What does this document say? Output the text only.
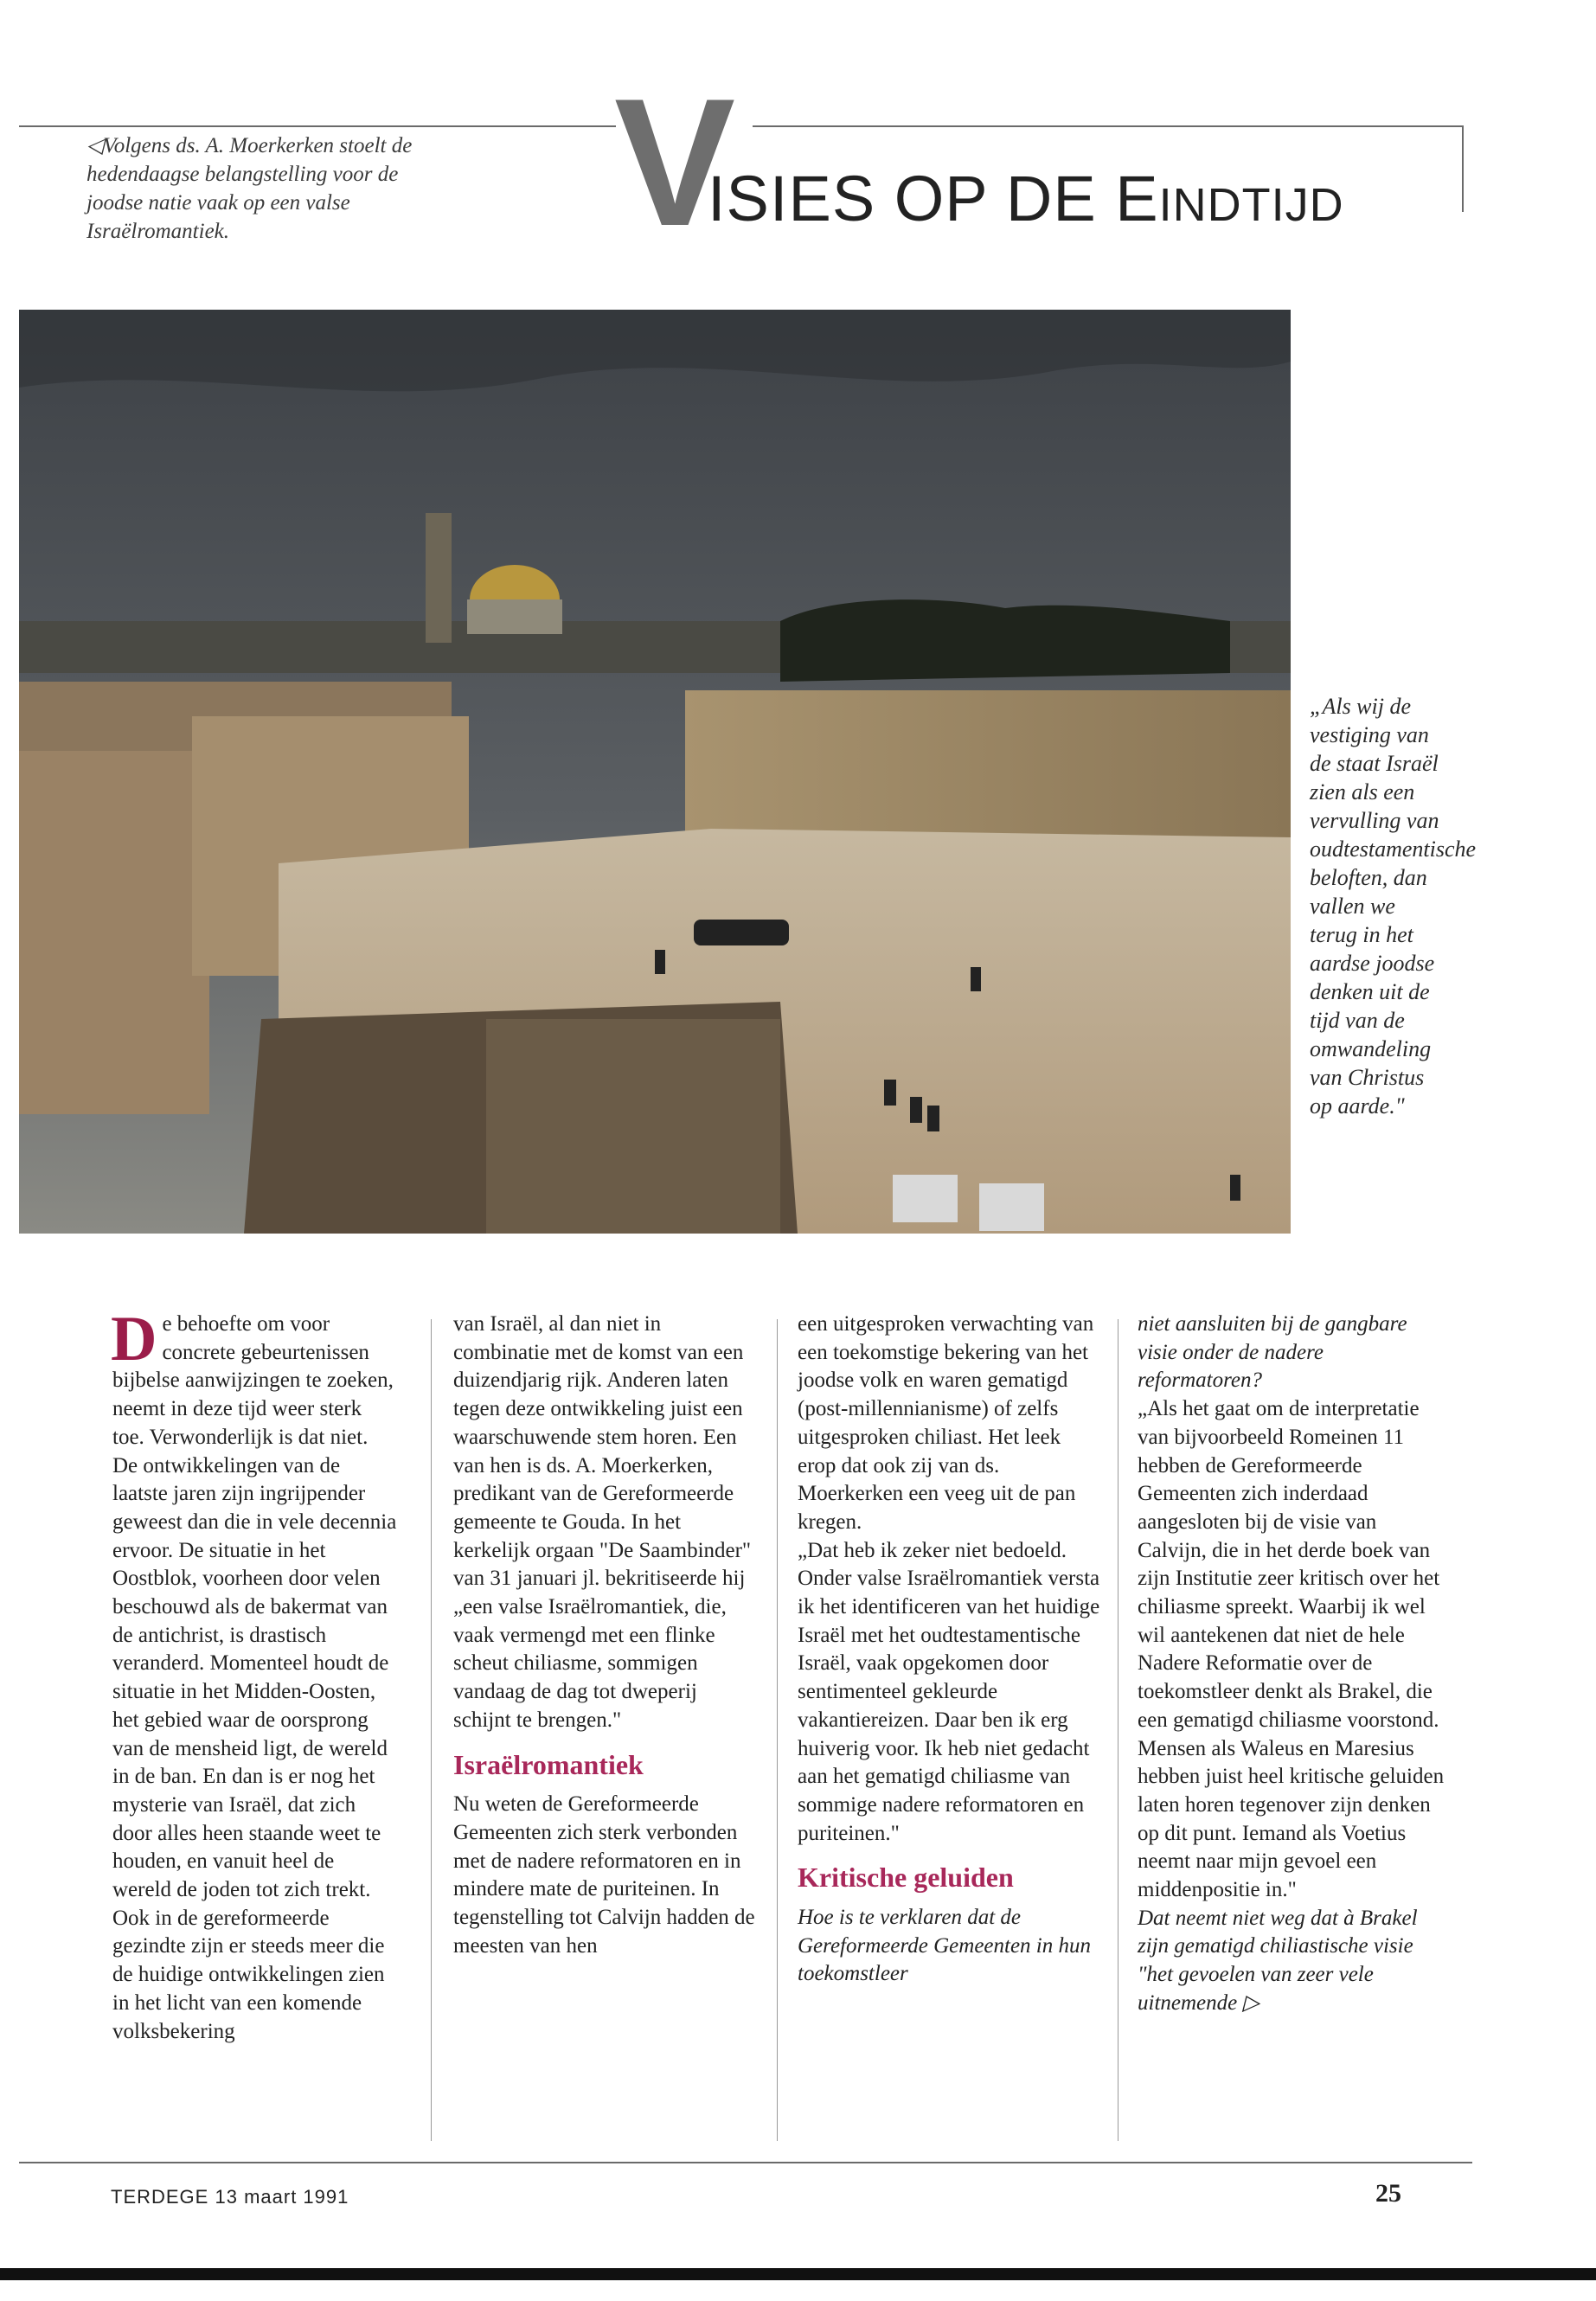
◁Volgens ds. A. Moerkerken stoelt de hedendaagse belangstelling voor de joodse natie vaak op een valse Israëlromantiek.	V
ISIES OP DE EINDTIJD
„Als wij de vestiging van de staat Israël zien als een vervulling van oudtestamentische beloften, dan vallen we terug in het aardse joodse denken uit de tijd van de omwandeling van Christus op aarde."
De behoefte om voor concrete gebeurtenissen bijbelse aanwijzingen te zoeken, neemt in deze tijd weer sterk toe. Verwonderlijk is dat niet. De ontwikkelingen van de laatste jaren zijn ingrijpender geweest dan die in vele decennia ervoor. De situatie in het Oostblok, voorheen door velen beschouwd als de bakermat van de antichrist, is drastisch veranderd. Momenteel houdt de situatie in het Midden-Oosten, het gebied waar de oorsprong van de mensheid ligt, de wereld in de ban. En dan is er nog het mysterie van Israël, dat zich door alles heen staande weet te houden, en vanuit heel de wereld de joden tot zich trekt. Ook in de gereformeerde gezindte zijn er steeds meer die de huidige ontwikkelingen zien in het licht van een komende volksbekering
van Israël, al dan niet in combinatie met de komst van een duizendjarig rijk. Anderen laten tegen deze ontwikkeling juist een waarschuwende stem horen. Een van hen is ds. A. Moerkerken, predikant van de Gereformeerde gemeente te Gouda. In het kerkelijk orgaan "De Saambinder" van 31 januari jl. bekritiseerde hij „een valse Israëlromantiek, die, vaak vermengd met een flinke scheut chiliasme, sommigen vandaag de dag tot dweperij schijnt te brengen."
Israëlromantiek
Nu weten de Gereformeerde Gemeenten zich sterk verbonden met de nadere reformatoren en in mindere mate de puriteinen. In tegenstelling tot Calvijn hadden de meesten van hen
een uitgesproken verwachting van een toekomstige bekering van het joodse volk en waren gematigd (post-millennianisme) of zelfs uitgesproken chiliast. Het leek erop dat ook zij van ds. Moerkerken een veeg uit de pan kregen.
„Dat heb ik zeker niet bedoeld. Onder valse Israëlromantiek versta ik het identificeren van het huidige Israël met het oudtestamentische Israël, vaak opgekomen door sentimenteel gekleurde vakantiereizen. Daar ben ik erg huiverig voor. Ik heb niet gedacht aan het gematigd chiliasme van sommige nadere reformatoren en puriteinen."
Kritische geluiden
Hoe is te verklaren dat de Gereformeerde Gemeenten in hun toekomstleer
niet aansluiten bij de gangbare visie onder de nadere reformatoren?
„Als het gaat om de interpretatie van bijvoorbeeld Romeinen 11 hebben de Gereformeerde Gemeenten zich inderdaad aangesloten bij de visie van Calvijn, die in het derde boek van zijn Institutie zeer kritisch over het chiliasme spreekt. Waarbij ik wel wil aantekenen dat niet de hele Nadere Reformatie over de toekomstleer denkt als Brakel, die een gematigd chiliasme voorstond. Mensen als Waleus en Maresius hebben juist heel kritische geluiden laten horen tegenover zijn denken op dit punt. Iemand als Voetius neemt naar mijn gevoel een middenpositie in."
Dat neemt niet weg dat à Brakel zijn gematigd chiliastische visie "het gevoelen van zeer vele uitnemende ▷
TERDEGE 13 maart 1991	25
